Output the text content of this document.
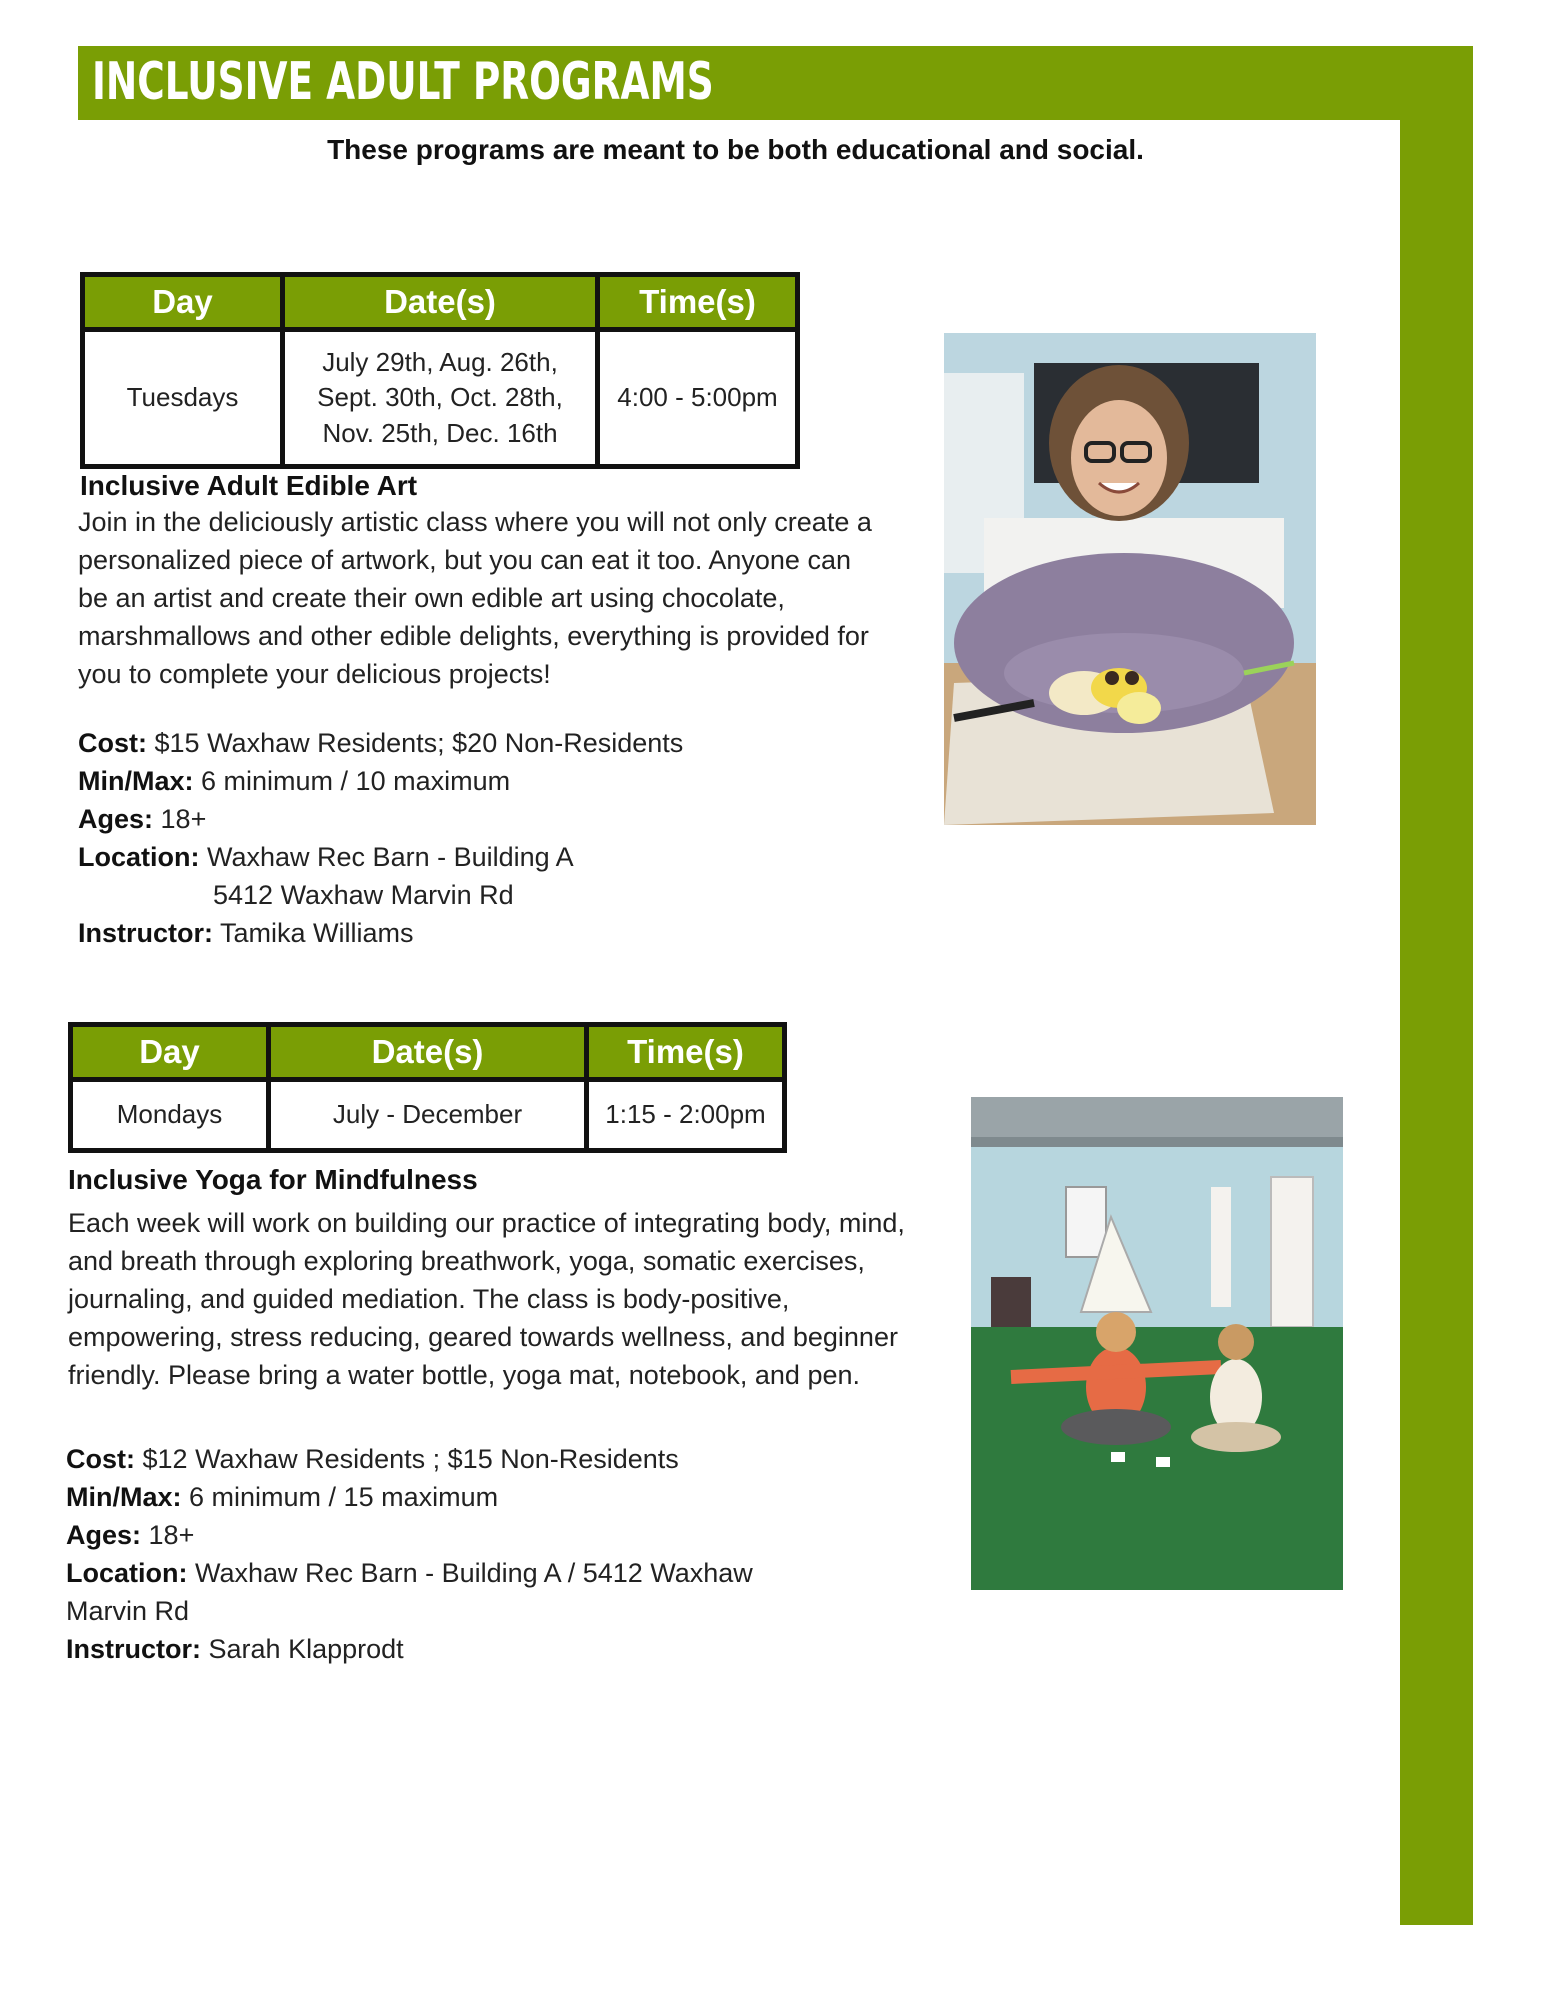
INCLUSIVE ADULT PROGRAMS
These programs are meant to be both educational and social.
Day	Date(s)	Time(s)
Tuesdays	July 29th, Aug. 26th,
Sept. 30th, Oct. 28th,
Nov. 25th, Dec. 16th	4:00 - 5:00pm
Inclusive Adult Edible Art
Join in the deliciously artistic class where you will not only create a personalized piece of artwork, but you can eat it too. Anyone can be an artist and create their own edible art using chocolate, marshmallows and other edible delights, everything is provided for you to complete your delicious projects!
Cost: $15 Waxhaw Residents; $20 Non-Residents
Min/Max: 6 minimum / 10 maximum
Ages: 18+
Location: Waxhaw Rec Barn - Building A
5412 Waxhaw Marvin Rd
Instructor: Tamika Williams
Day	Date(s)	Time(s)
Mondays	July - December	1:15 - 2:00pm
Inclusive Yoga for Mindfulness
Each week will work on building our practice of integrating body, mind, and breath through exploring breathwork, yoga, somatic exercises, journaling, and guided mediation. The class is body-positive, empowering, stress reducing, geared towards wellness, and beginner friendly. Please bring a water bottle, yoga mat, notebook, and pen.
Cost: $12 Waxhaw Residents ; $15 Non-Residents
Min/Max: 6 minimum / 15 maximum
Ages: 18+
Location: Waxhaw Rec Barn - Building A / 5412 Waxhaw
Marvin Rd
Instructor: Sarah Klapprodt
